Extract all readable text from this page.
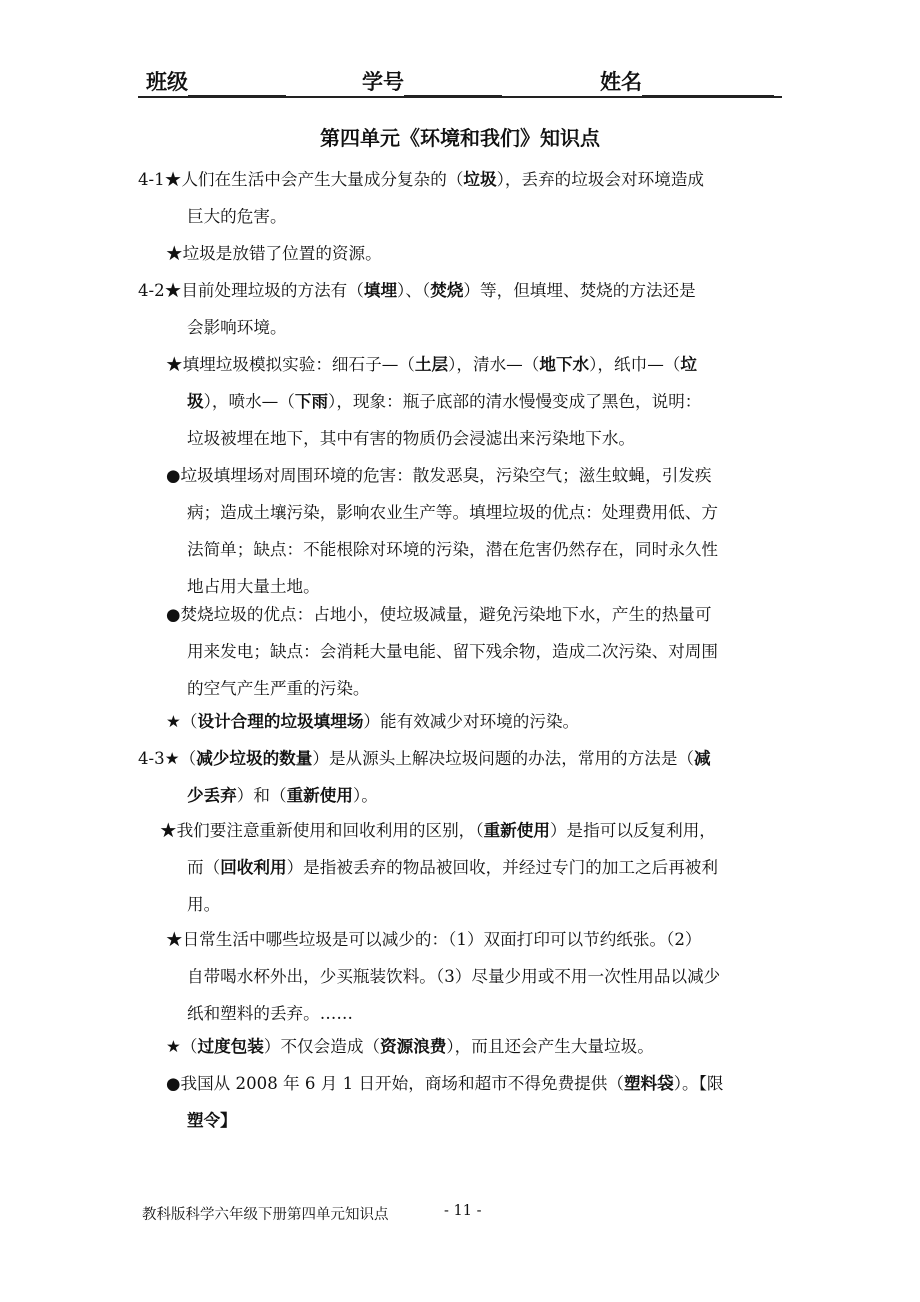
班级	学号	姓名
第四单元《环境和我们》知识点
4-1★人们在生活中会产生大量成分复杂的（垃圾），丢弃的垃圾会对环境造成
巨大的危害。
★垃圾是放错了位置的资源。
4-2★目前处理垃圾的方法有（填埋）、（焚烧）等，但填埋、焚烧的方法还是
会影响环境。
★填埋垃圾模拟实验：细石子—（土层），清水—（地下水），纸巾—（垃
圾），喷水—（下雨），现象：瓶子底部的清水慢慢变成了黑色，说明：
垃圾被埋在地下，其中有害的物质仍会浸滤出来污染地下水。
●垃圾填埋场对周围环境的危害：散发恶臭，污染空气；滋生蚊蝇，引发疾
病；造成土壤污染，影响农业生产等。填埋垃圾的优点：处理费用低、方
法简单；缺点：不能根除对环境的污染，潜在危害仍然存在，同时永久性
地占用大量土地。
●焚烧垃圾的优点：占地小，使垃圾减量，避免污染地下水，产生的热量可
用来发电；缺点：会消耗大量电能、留下残余物，造成二次污染、对周围
的空气产生严重的污染。
★（设计合理的垃圾填埋场）能有效减少对环境的污染。
4-3★（减少垃圾的数量）是从源头上解决垃圾问题的办法，常用的方法是（减
少丢弃）和（重新使用）。
★我们要注意重新使用和回收利用的区别，（重新使用）是指可以反复利用，
而（回收利用）是指被丢弃的物品被回收，并经过专门的加工之后再被利
用。
★日常生活中哪些垃圾是可以减少的：（1）双面打印可以节约纸张。（2）
自带喝水杯外出，少买瓶装饮料。（3）尽量少用或不用一次性用品以减少
纸和塑料的丢弃。……
★（过度包装）不仅会造成（资源浪费），而且还会产生大量垃圾。
●我国从 2008 年 6 月 1 日开始，商场和超市不得免费提供（塑料袋）。【限
塑令】
教科版科学六年级下册第四单元知识点	- 11 -
